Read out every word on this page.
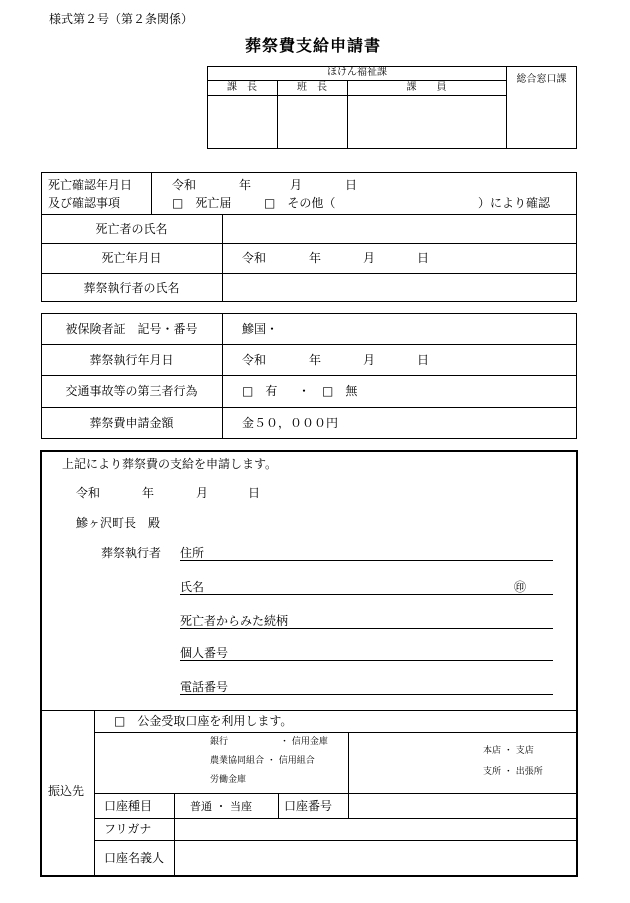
様式第２号（第２条関係）
葬祭費支給申請書
ほけん福祉課
課　長	班　長	課　　員
総合窓口課
死亡確認年月日
及び確認事項
令和	年	月	日
□　死亡届	□　その他（	）により確認
死亡者の氏名
死亡年月日	令和	年	月	日
葬祭執行者の氏名
被保険者証　記号・番号	鰺国・
葬祭執行年月日	令和	年	月	日
交通事故等の第三者行為	□　有 ・ □　無
葬祭費申請金額	金５０，０００円
上記により葬祭費の支給を申請します。
令和	年	月	日
鰺ヶ沢町長　殿
葬祭執行者 住所
氏名	㊞
死亡者からみた続柄
個人番号
電話番号
振込先
□　公金受取口座を利用します。
銀行	・ 信用金庫
農業協同組合 ・ 信用組合
労働金庫
本店 ・ 支店
支所 ・ 出張所
口座種目	普通 ・ 当座	口座番号
フリガナ
口座名義人
